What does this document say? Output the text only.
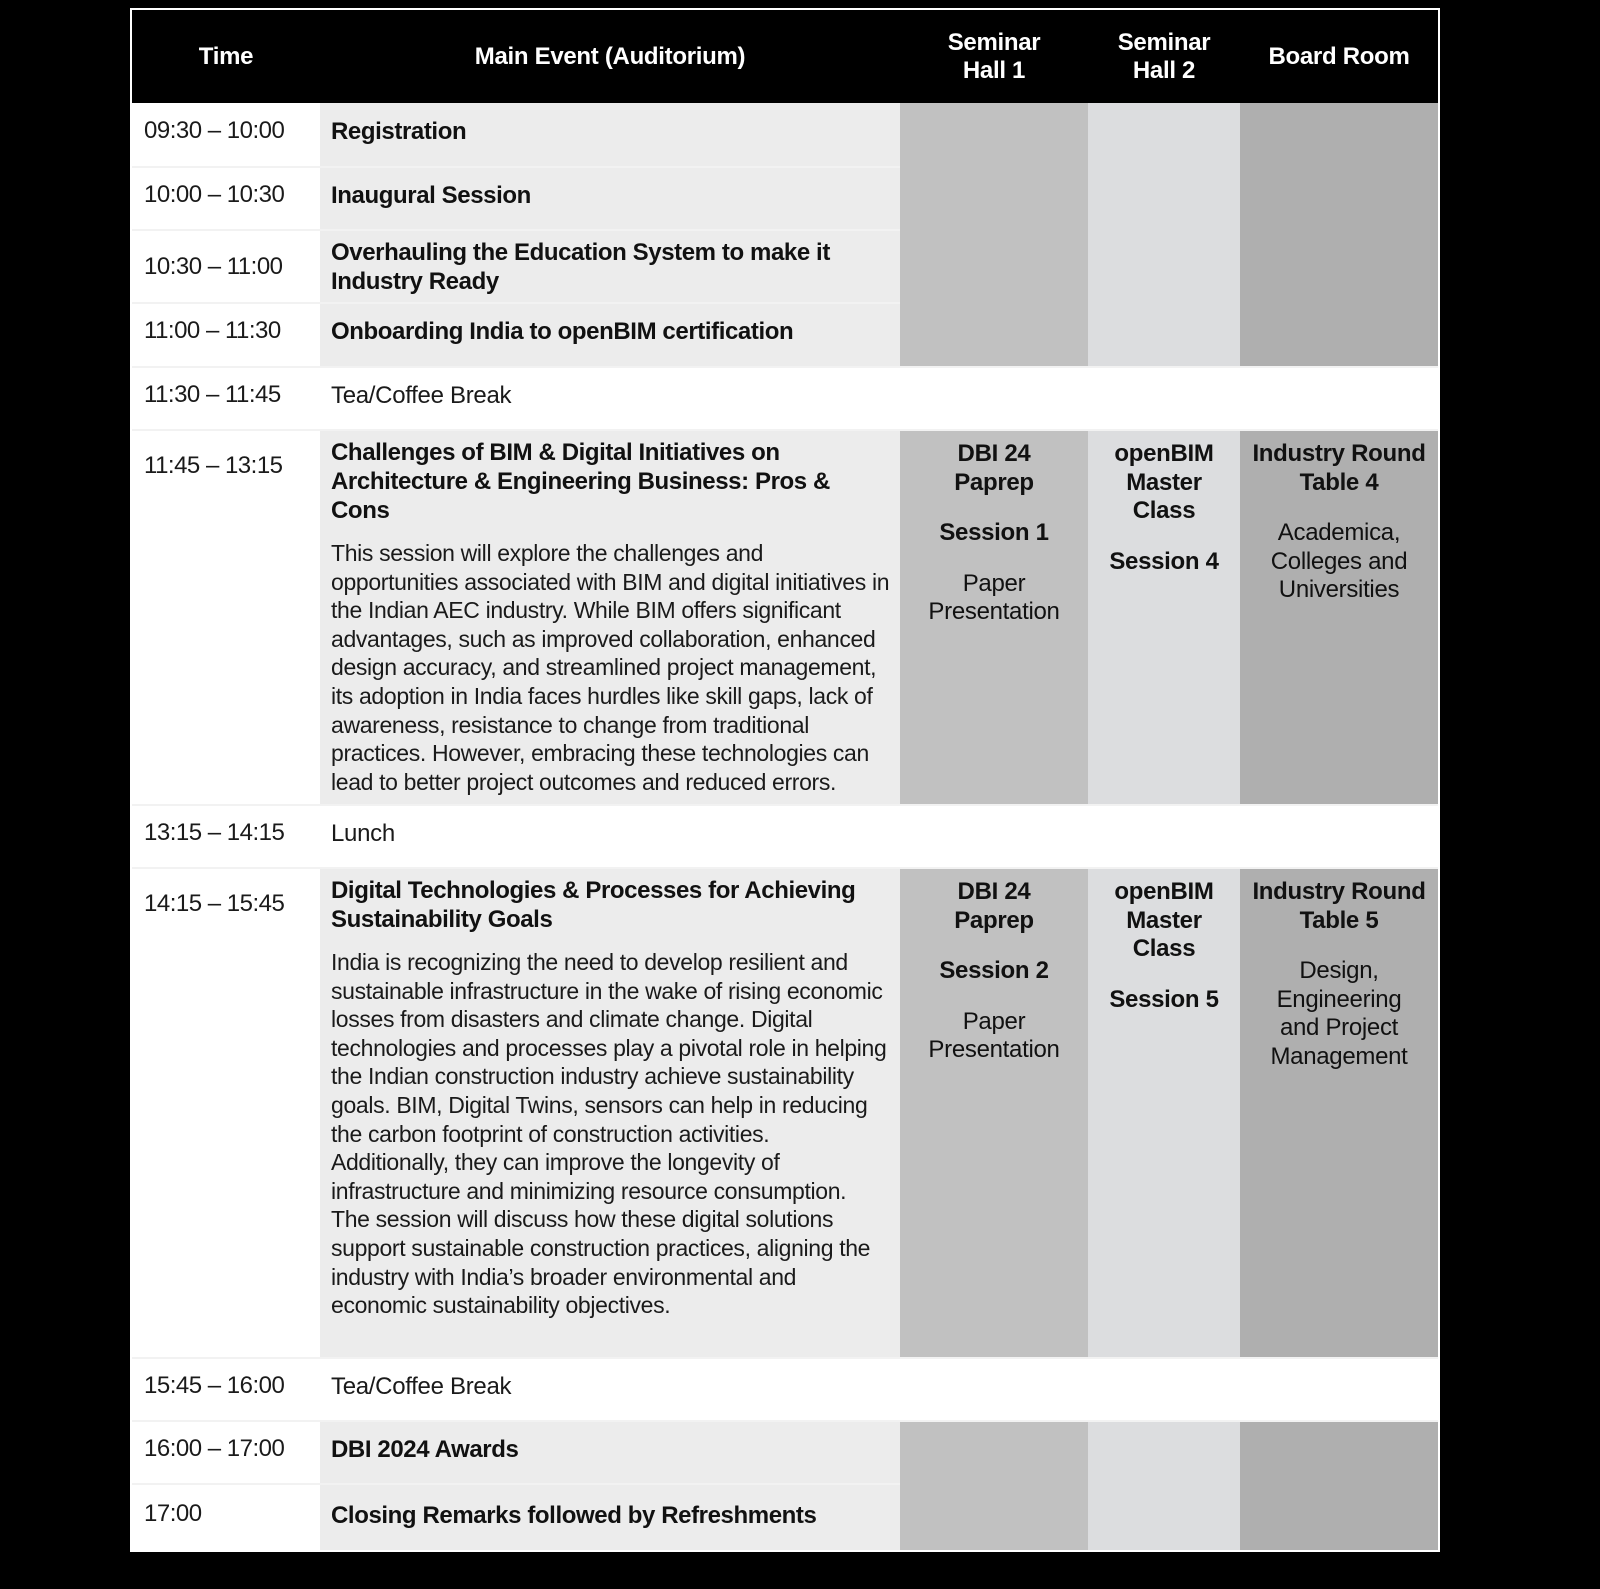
Time	Main Event (Auditorium)
Seminar
Hall 1
Seminar
Hall 2
Board Room
09:30 – 10:00
10:00 – 10:30
10:30 – 11:00
11:00 – 11:30
11:30 – 11:45
11:45 – 13:15
13:15 – 14:15
14:15 – 15:45
15:45 – 16:00
16:00 – 17:00
17:00
Registration
Inaugural Session
Overhauling the Education System to make it Industry Ready
Onboarding India to openBIM certification
Tea/Coffee Break
Challenges of BIM & Digital Initiatives on Architecture & Engineering Business: Pros & Cons
This session will explore the challenges and opportunities associated with BIM and digital initiatives in the Indian AEC industry. While BIM offers significant advantages, such as improved collaboration, enhanced design accuracy, and streamlined project management, its adoption in India faces hurdles like skill gaps, lack of awareness, resistance to change from traditional practices. However, embracing these technologies can lead to better project outcomes and reduced errors.
Lunch
Digital Technologies & Processes for Achieving Sustainability Goals
India is recognizing the need to develop resilient and sustainable infrastructure in the wake of rising economic losses from disasters and climate change. Digital technologies and processes play a pivotal role in helping the Indian construction industry achieve sustainability goals. BIM, Digital Twins, sensors can help in reducing the carbon footprint of construction activities. Additionally, they can improve the longevity of infrastructure and minimizing resource consumption. The session will discuss how these digital solutions support sustainable construction practices, aligning the industry with India’s broader environmental and economic sustainability objectives.
Tea/Coffee Break
DBI 2024 Awards
Closing Remarks followed by Refreshments
DBI 24
Paprep
Session 1
Paper
Presentation
openBIM
Master
Class
Session 4
Industry Round
Table 4
Academica,
Colleges and
Universities
DBI 24
Paprep
Session 2
Paper
Presentation
openBIM
Master
Class
Session 5
Industry Round
Table 5
Design,
Engineering
and Project
Management
